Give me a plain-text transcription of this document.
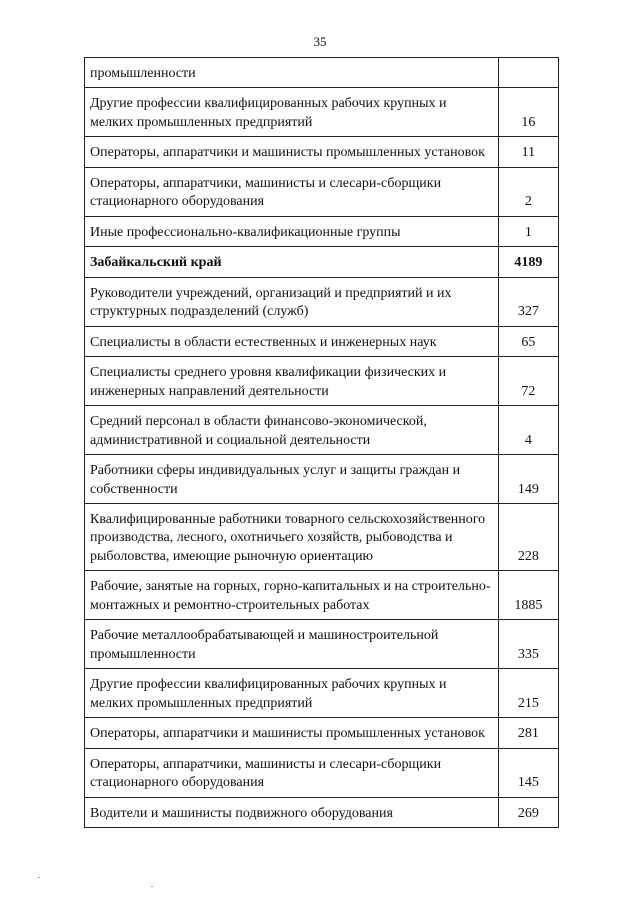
35
промышленности	
Другие профессии квалифицированных рабочих крупных и мелких промышленных предприятий	16
Операторы, аппаратчики и машинисты промышленных установок	11
Операторы, аппаратчики, машинисты и слесари-сборщики стационарного оборудования	2
Иные профессионально-квалификационные группы	1
Забайкальский край	4189
Руководители учреждений, организаций и предприятий и их структурных подразделений (служб)	327
Специалисты в области естественных и инженерных наук	65
Специалисты среднего уровня квалификации физических и инженерных направлений деятельности	72
Средний персонал в области финансово-экономической, административной и социальной деятельности	4
Работники сферы индивидуальных услуг и защиты граждан и собственности	149
Квалифицированные работники товарного сельскохозяйственного производства, лесного, охотничьего хозяйств, рыбоводства и рыболовства, имеющие рыночную ориентацию	228
Рабочие, занятые на горных, горно-капитальных и на строительно-монтажных и ремонтно-строительных работах	1885
Рабочие металлообрабатывающей и машиностроительной промышленности	335
Другие профессии квалифицированных рабочих крупных и мелких промышленных предприятий	215
Операторы, аппаратчики и машинисты промышленных установок	281
Операторы, аппаратчики, машинисты и слесари-сборщики стационарного оборудования	145
Водители и машинисты подвижного оборудования	269
